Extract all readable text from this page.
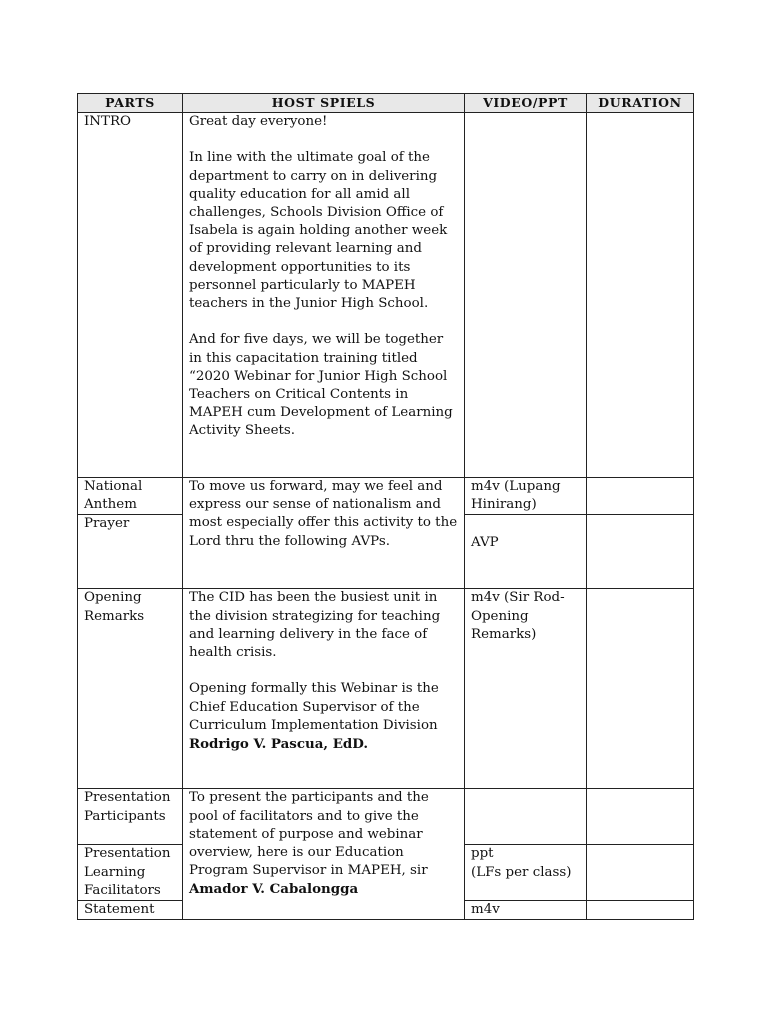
PARTS	HOST SPIELS	VIDEO/PPT	DURATION
INTRO	Great day everyone!

In line with the ultimate goal of the department to carry on in delivering quality education for all amid all challenges, Schools Division Office of Isabela is again holding another week of providing relevant learning and development opportunities to its personnel particularly to MAPEH teachers in the Junior High School.

And for five days, we will be together in this capacitation training titled “2020 Webinar for Junior High School Teachers on Critical Contents in MAPEH cum Development of Learning Activity Sheets.		

National Anthem	To move us forward, may we feel and express our sense of nationalism and most especially offer this activity to the Lord thru the following AVPs.	m4v (Lupang Hinirang)	
Prayer		AVP	
Opening Remarks	The CID has been the busiest unit in the division strategizing for teaching and learning delivery in the face of health crisis.

Opening formally this Webinar is the Chief Education Supervisor of the Curriculum Implementation Division

Rodrigo V. Pascua, EdD.	m4v (Sir Rod-Opening Remarks)	
Presentation Participants	To present the participants and the pool of facilitators and to give the statement of purpose and webinar overview, here is our Education Program Supervisor in MAPEH, sir
Amador V. Cabalongga		

Presentation Learning Facilitators		ppt
(LFs per class)	

Statement		m4v	
